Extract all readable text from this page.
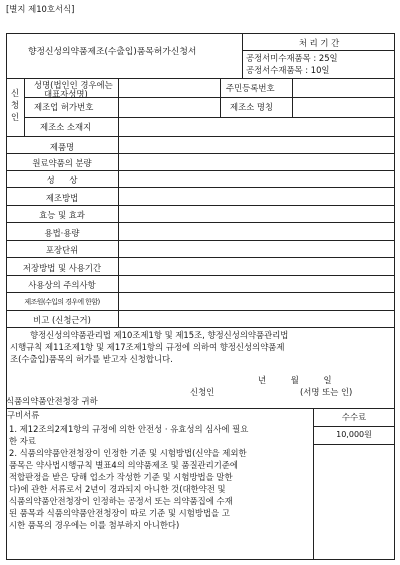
[별지 제10호서식]
향정신성의약품제조(수출입)품목허가신청서
처 리 기 간
공정서미수재품목 : 25일
공정서수재품목 : 10일
신
청
인
성명(법인인 경우에는
대표자성명)
주민등록번호
제조업 허가번호	제조소 명칭
제조소 소재지
제품명
원료약품의 분량
성 상
제조방법
효능 및 효과
용법·용량
포장단위
저장방법 및 사용기간
사용상의 주의사항
제조원(수입의 경우에 한함)
비고 (신청근거)
향정신성의약품관리법 제10조제1항 및 제15조, 향정신성의약품관리법
시행규칙 제11조제1항 및 제17조제1항의 규정에 의하여 향정신성의약품제
조(수출입)품목의 허가를 받고자 신청합니다.
년 월 일
신청인	(서명 또는 인)
식품의약품안전청장 귀하
구비서류
1. 제12조의2제1항의 규정에 의한 안전성 · 유효성의 심사에 필요
한 자료
2. 식품의약품안전청장이 인정한 기준 및 시험방법(신약을 제외한
품목은 약사법시행규칙 별표4의 의약품제조 및 품질관리기준에
적합판정을 받은 당해 업소가 작성한 기준 및 시험방법을 말한
다)에 관한 서류로서 2년이 경과되지 아니한 것(대한약전 및
식품의약품안전청장이 인정하는 공정서 또는 의약품집에 수재
된 품목과 식품의약품안전청장이 따로 기준 및 시험방법을 고
시한 품목의 경우에는 이를 첨부하지 아니한다)
수수료
10,000원
